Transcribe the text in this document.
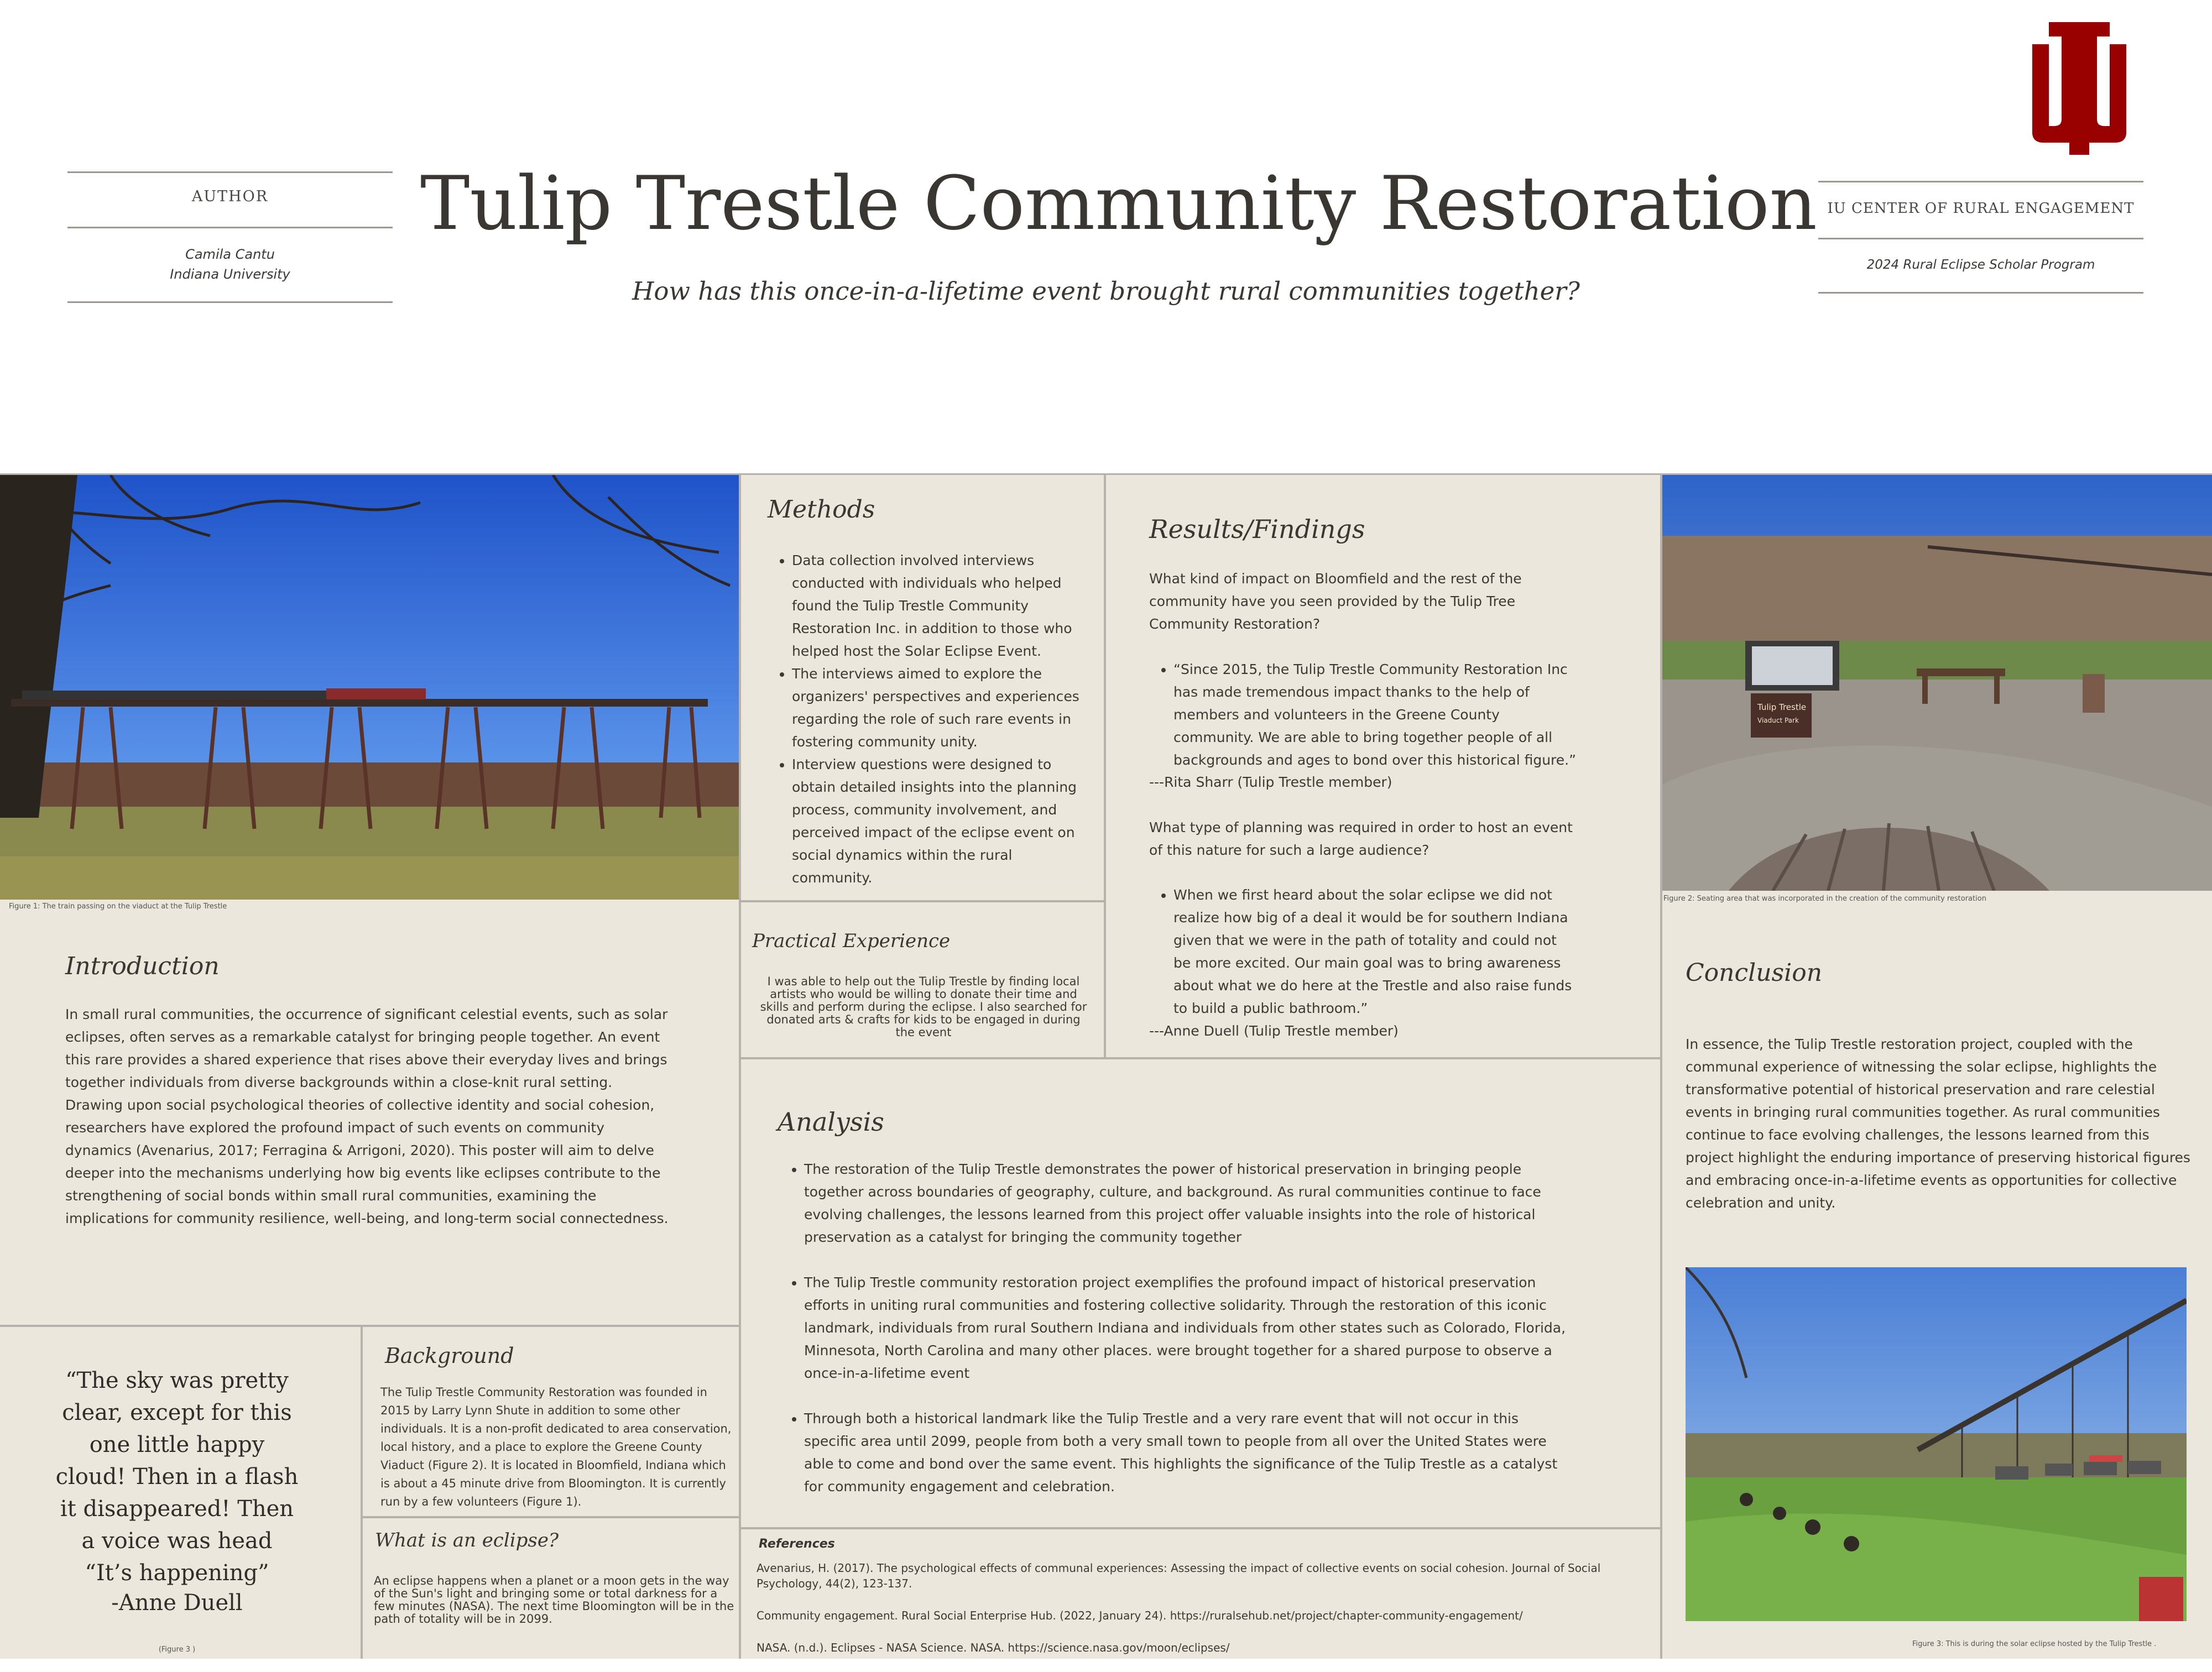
AUTHOR
Camila Cantu
Indiana University
Tulip Trestle Community Restoration
How has this once-in-a-lifetime event brought rural communities together?
IU CENTER OF RURAL ENGAGEMENT
2024 Rural Eclipse Scholar Program
Figure 1: The train passing on the viaduct at the Tulip Trestle
Introduction
In small rural communities, the occurrence of significant celestial events, such as solar eclipses, often serves as a remarkable catalyst for bringing people together. An event this rare provides a shared experience that rises above their everyday lives and brings together individuals from diverse backgrounds within a close-knit rural setting. Drawing upon social psychological theories of collective identity and social cohesion, researchers have explored the profound impact of such events on community dynamics (Avenarius, 2017; Ferragina & Arrigoni, 2020). This poster will aim to delve deeper into the mechanisms underlying how big events like eclipses contribute to the strengthening of social bonds within small rural communities, examining the implications for community resilience, well-being, and long-term social connectedness.
Methods
• Data collection involved interviews conducted with individuals who helped found the Tulip Trestle Community Restoration Inc. in addition to those who helped host the Solar Eclipse Event.
• The interviews aimed to explore the organizers' perspectives and experiences regarding the role of such rare events in fostering community unity.
• Interview questions were designed to obtain detailed insights into the planning process, community involvement, and perceived impact of the eclipse event on social dynamics within the rural community.
Practical Experience
I was able to help out the Tulip Trestle by finding local artists who would be willing to donate their time and skills and perform during the eclipse. I also searched for donated arts & crafts for kids to be engaged in during the event
Results/Findings
What kind of impact on Bloomfield and the rest of the community have you seen provided by the Tulip Tree Community Restoration?
• “Since 2015, the Tulip Trestle Community Restoration Inc has made tremendous impact thanks to the help of members and volunteers in the Greene County community. We are able to bring together people of all backgrounds and ages to bond over this historical figure.”
---Rita Sharr (Tulip Trestle member)
What type of planning was required in order to host an event of this nature for such a large audience?
• When we first heard about the solar eclipse we did not realize how big of a deal it would be for southern Indiana given that we were in the path of totality and could not be more excited. Our main goal was to bring awareness about what we do here at the Trestle and also raise funds to build a public bathroom.”
---Anne Duell (Tulip Trestle member)
Tulip Trestle
Viaduct Park
Figure 2: Seating area that was incorporated in the creation of the community restoration
Conclusion
In essence, the Tulip Trestle restoration project, coupled with the communal experience of witnessing the solar eclipse, highlights the transformative potential of historical preservation and rare celestial events in bringing rural communities together. As rural communities continue to face evolving challenges, the lessons learned from this project highlight the enduring importance of preserving historical figures and embracing once-in-a-lifetime events as opportunities for collective celebration and unity.
Figure 3: This is during the solar eclipse hosted by the Tulip Trestle .
Analysis
• The restoration of the Tulip Trestle demonstrates the power of historical preservation in bringing people together across boundaries of geography, culture, and background. As rural communities continue to face evolving challenges, the lessons learned from this project offer valuable insights into the role of historical preservation as a catalyst for bringing the community together
• The Tulip Trestle community restoration project exemplifies the profound impact of historical preservation efforts in uniting rural communities and fostering collective solidarity. Through the restoration of this iconic landmark, individuals from rural Southern Indiana and individuals from other states such as Colorado, Florida, Minnesota, North Carolina and many other places. were brought together for a shared purpose to observe a once-in-a-lifetime event
• Through both a historical landmark like the Tulip Trestle and a very rare event that will not occur in this specific area until 2099, people from both a very small town to people from all over the United States were able to come and bond over the same event. This highlights the significance of the Tulip Trestle as a catalyst for community engagement and celebration.
References
Avenarius, H. (2017). The psychological effects of communal experiences: Assessing the impact of collective events on social cohesion. Journal of Social Psychology, 44(2), 123-137.
Community engagement. Rural Social Enterprise Hub. (2022, January 24). https://ruralsehub.net/project/chapter-community-engagement/
NASA. (n.d.). Eclipses - NASA Science. NASA. https://science.nasa.gov/moon/eclipses/
“The sky was pretty clear, except for this one little happy cloud! Then in a flash it disappeared! Then a voice was head “It’s happening”
-Anne Duell
(Figure 3 )
Background
The Tulip Trestle Community Restoration was founded in 2015 by Larry Lynn Shute in addition to some other individuals. It is a non-profit dedicated to area conservation, local history, and a place to explore the Greene County Viaduct (Figure 2). It is located in Bloomfield, Indiana which is about a 45 minute drive from Bloomington. It is currently run by a few volunteers (Figure 1).
What is an eclipse?
An eclipse happens when a planet or a moon gets in the way of the Sun's light and bringing some or total darkness for a few minutes (NASA). The next time Bloomington will be in the path of totality will be in 2099.
